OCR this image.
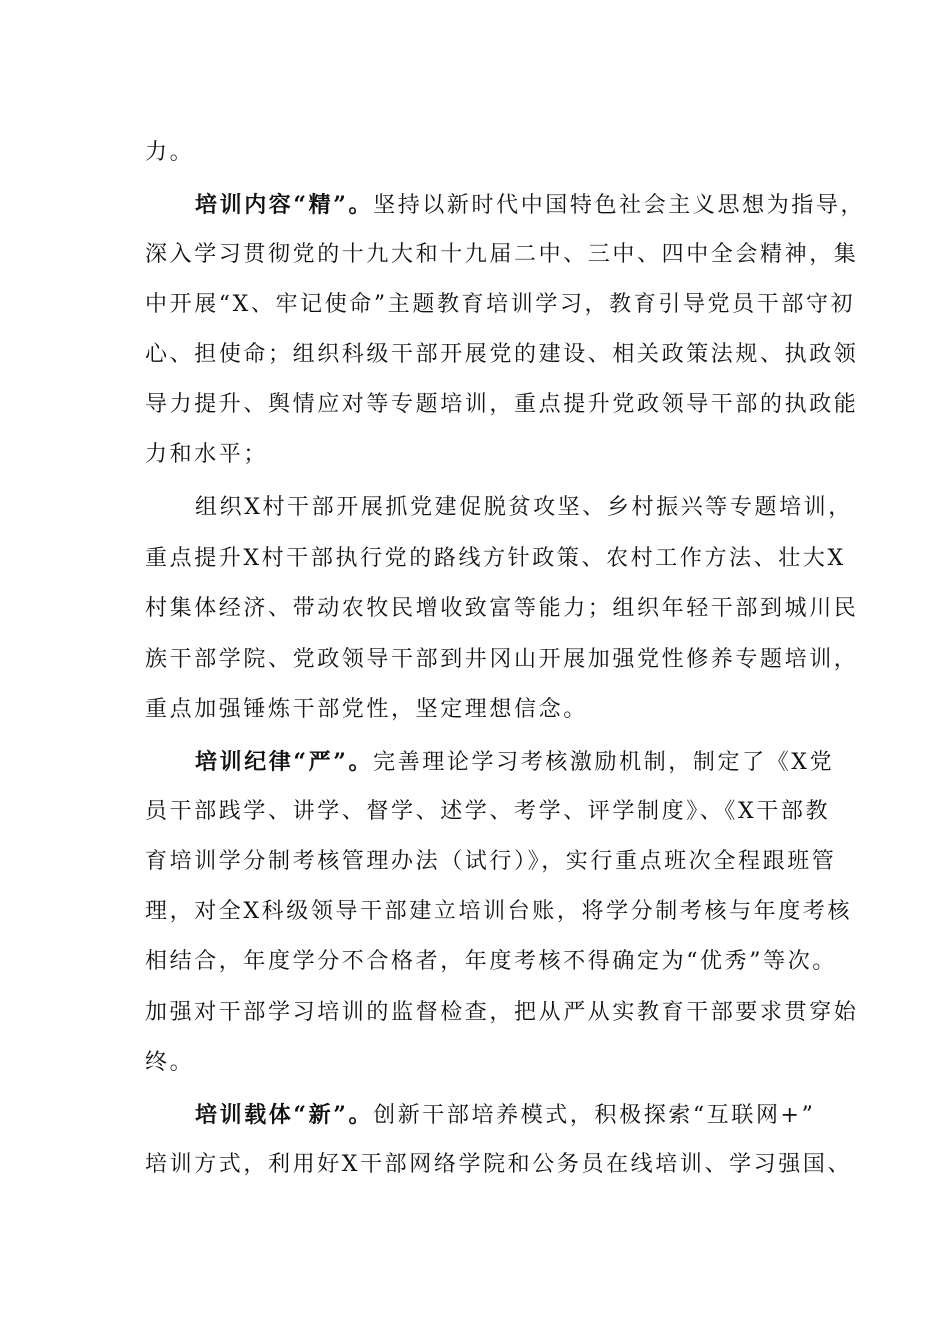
力。
培训内容“精”。坚持以新时代中国特色社会主义思想为指导，
深入学习贯彻党的十九大和十九届二中、三中、四中全会精神，集
中开展“X、牢记使命”主题教育培训学习，教育引导党员干部守初
心、担使命；组织科级干部开展党的建设、相关政策法规、执政领
导力提升、舆情应对等专题培训，重点提升党政领导干部的执政能
力和水平；
组织X村干部开展抓党建促脱贫攻坚、乡村振兴等专题培训，
重点提升X村干部执行党的路线方针政策、农村工作方法、壮大X
村集体经济、带动农牧民增收致富等能力；组织年轻干部到城川民
族干部学院、党政领导干部到井冈山开展加强党性修养专题培训，
重点加强锤炼干部党性，坚定理想信念。
培训纪律“严”。完善理论学习考核激励机制，制定了《X党
员干部践学、讲学、督学、述学、考学、评学制度》、《X干部教
育培训学分制考核管理办法（试行）》，实行重点班次全程跟班管
理，对全X科级领导干部建立培训台账，将学分制考核与年度考核
相结合，年度学分不合格者，年度考核不得确定为“优秀”等次。
加强对干部学习培训的监督检查，把从严从实教育干部要求贯穿始
终。
培训载体“新”。创新干部培养模式，积极探索“互联网+”
培训方式，利用好X干部网络学院和公务员在线培训、学习强国、
